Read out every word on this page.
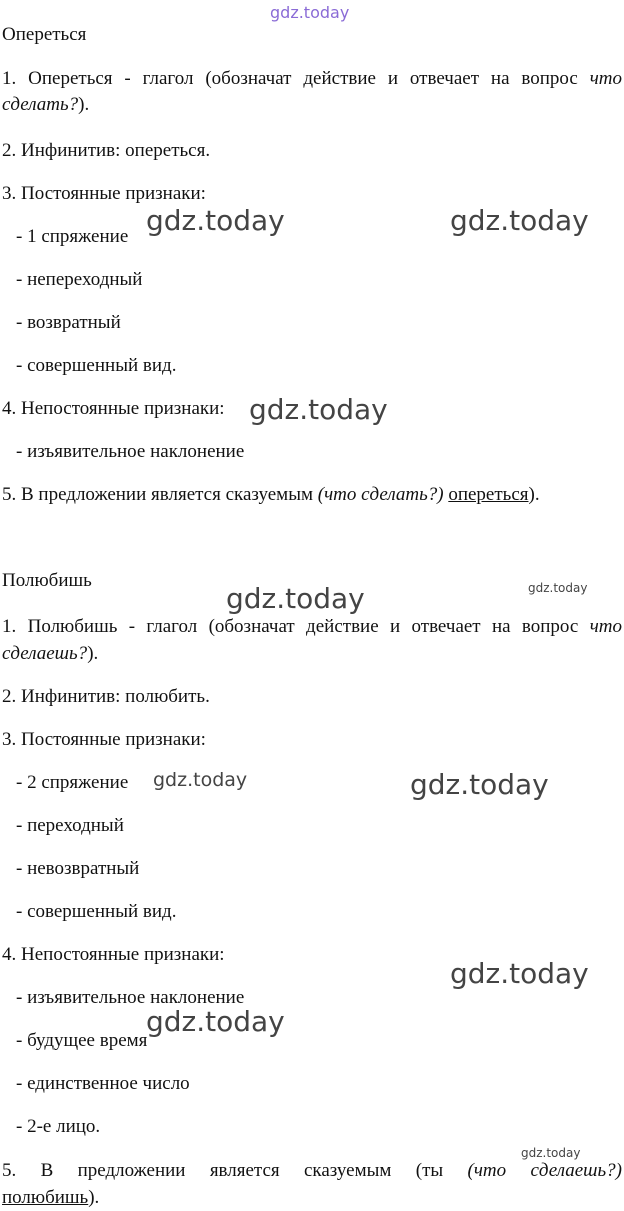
gdz.today
gdz.today	gdz.today
gdz.today
gdz.today	gdz.today
gdz.today	gdz.today
gdz.today
gdz.today
gdz.today
Опереться
1. Опереться - глагол (обозначат действие и отвечает на вопрос что
сделать?).
2. Инфинитив: опереться.
3. Постоянные признаки:
- 1 спряжение
- непереходный
- возвратный
- совершенный вид.
4. Непостоянные признаки:
- изъявительное наклонение
5. В предложении является сказуемым (что сделать?) опереться).
Полюбишь
1. Полюбишь - глагол (обозначат действие и отвечает на вопрос что
сделаешь?).
2. Инфинитив: полюбить.
3. Постоянные признаки:
- 2 спряжение
- переходный
- невозвратный
- совершенный вид.
4. Непостоянные признаки:
- изъявительное наклонение
- будущее время
- единственное число
- 2-е лицо.
5. В предложении является сказуемым (ты (что сделаешь?)
полюбишь).
